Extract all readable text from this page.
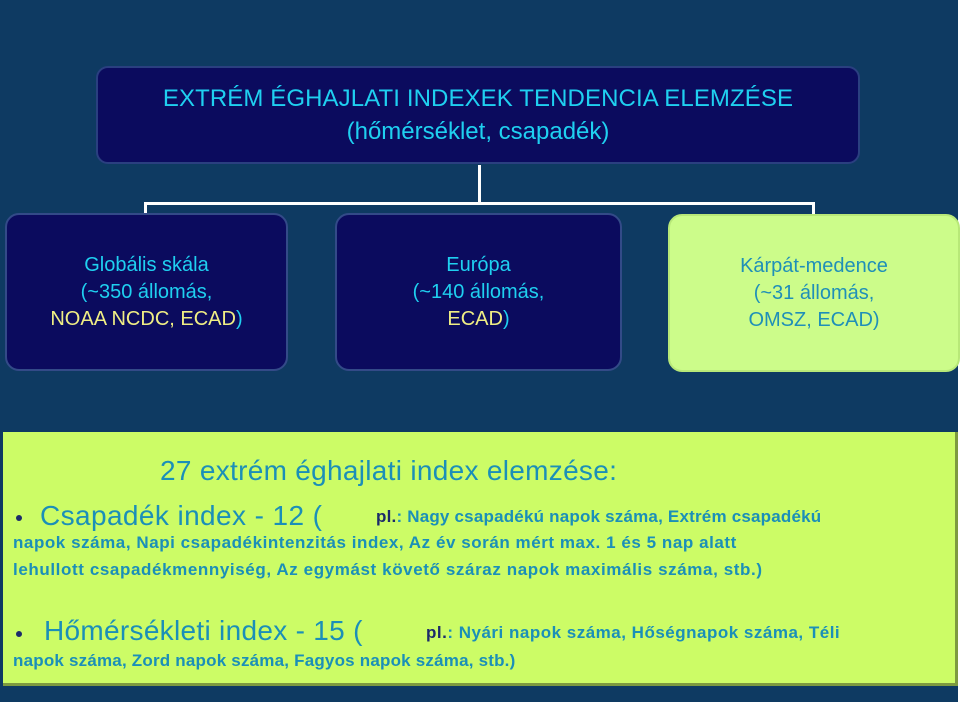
EXTRÉM ÉGHAJLATI INDEXEK TENDENCIA ELEMZÉSE
(hőmérséklet, csapadék)
Globális skála
(~350 állomás,
NOAA NCDC, ECAD)
Európa
(~140 állomás,
ECAD)
Kárpát-medence
(~31 állomás,
OMSZ, ECAD)
27 extrém éghajlati index elemzése:
Csapadék index - 12 (	pl.: Nagy csapadékú napok száma, Extrém csapadékú
napok száma, Napi csapadékintenzitás index, Az év során mért max. 1 és 5 nap alatt
lehullott csapadékmennyiség, Az egymást követő száraz napok maximális száma, stb.)
Hőmérsékleti index - 15 (	pl.: Nyári napok száma, Hőségnapok száma, Téli
napok száma, Zord napok száma, Fagyos napok száma, stb.)
